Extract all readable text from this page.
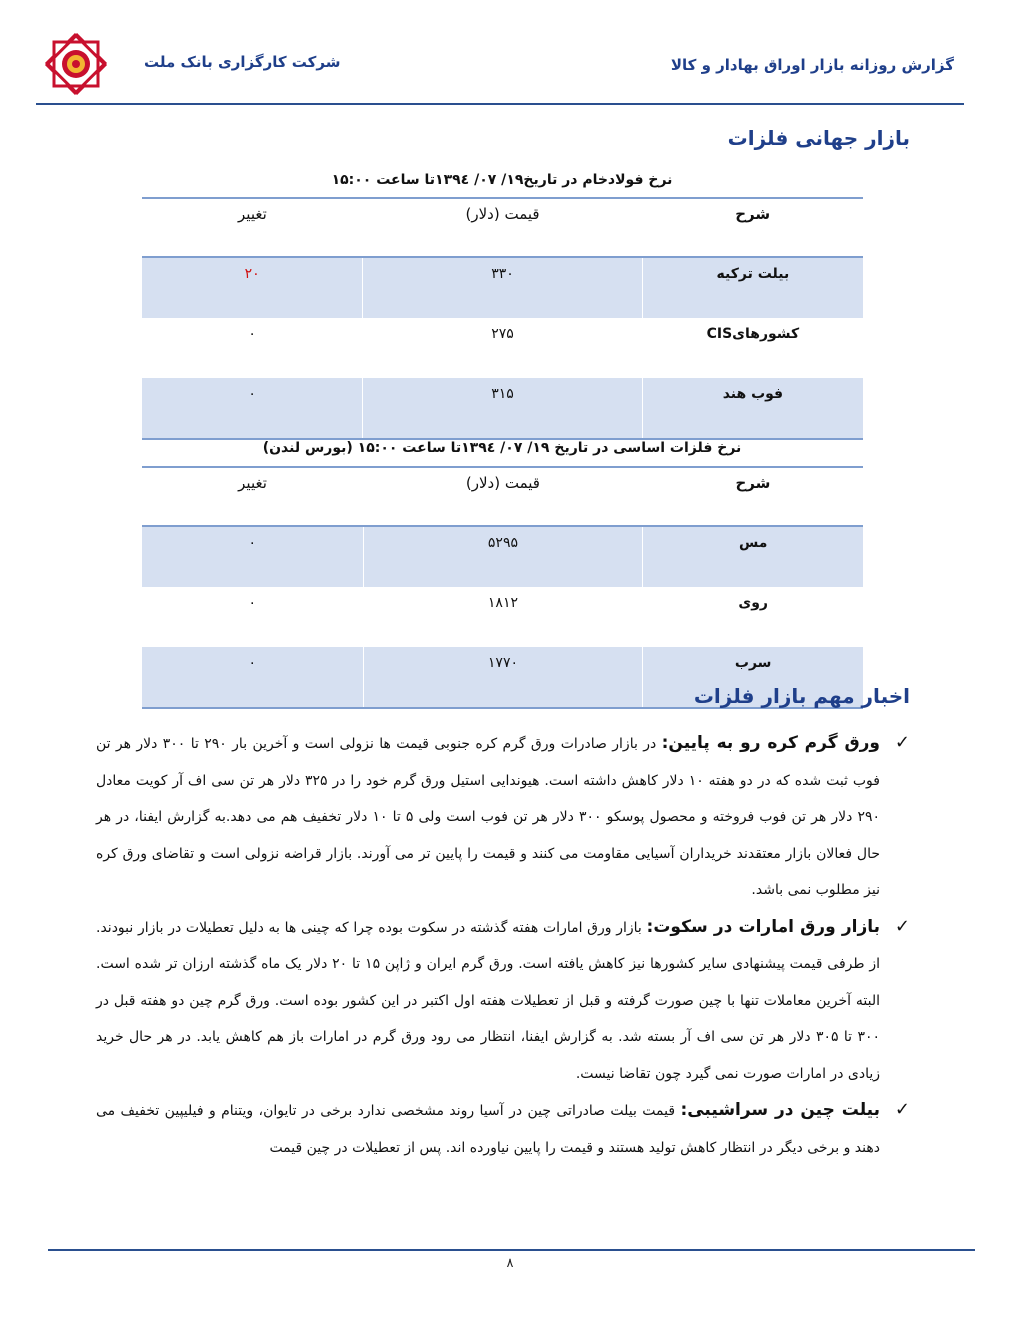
شرکت کارگزاری بانک ملت	گزارش روزانه بازار اوراق بهادار و کالا
بازار جهانی فلزات
نرخ فولادخام در تاریخ۱۹/ ۰۷/ ۱۳۹٤تا ساعت ۱۵:۰۰
شرح	قیمت (دلار)	تغییر
بیلت ترکیه	۳۳۰	۲۰
کشورهایCIS	۲۷۵	۰
فوب هند	۳۱۵	۰
نرخ فلزات اساسی در تاریخ ۱۹/ ۰۷/ ۱۳۹٤تا ساعت ۱۵:۰۰ (بورس لندن)
شرح	قیمت (دلار)	تغییر
مس	۵۲۹۵	۰
روی	۱۸۱۲	۰
سرب	۱۷۷۰	۰
اخبار مهم بازار فلزات
✓
ورق گرم کره رو به پایین: در بازار صادرات ورق گرم کره جنوبی قیمت ها نزولی است و آخرین بار ۲۹۰ تا ۳۰۰ دلار هر تن فوب ثبت شده که در دو هفته ۱۰ دلار کاهش داشته است. هیوندایی استیل ورق گرم خود را در ۳۲۵ دلار هر تن سی اف آر کویت معادل ۲۹۰ دلار هر تن فوب فروخته و محصول پوسکو ۳۰۰ دلار هر تن فوب است ولی ۵ تا ۱۰ دلار تخفیف هم می دهد.به گزارش ایفنا، در هر حال فعالان بازار معتقدند خریداران آسیایی مقاومت می کنند و قیمت را پایین تر می آورند. بازار قراضه نزولی است و تقاضای ورق کره نیز مطلوب نمی باشد.
✓
بازار ورق امارات در سکوت: بازار ورق امارات هفته گذشته در سکوت بوده چرا که چینی ها به دلیل تعطیلات در بازار نبودند. از طرفی قیمت پیشنهادی سایر کشورها نیز کاهش یافته است. ورق گرم ایران و ژاپن ۱۵ تا ۲۰ دلار یک ماه گذشته ارزان تر شده است. البته آخرین معاملات تنها با چین صورت گرفته و قبل از تعطیلات هفته اول اکتبر در این کشور بوده است. ورق گرم چین دو هفته قبل در ۳۰۰ تا ۳۰۵ دلار هر تن سی اف آر بسته شد. به گزارش ایفنا، انتظار می رود ورق گرم در امارات باز هم کاهش یابد. در هر حال خرید زیادی در امارات صورت نمی گیرد چون تقاضا نیست.
✓
بیلت چین در سراشیبی: قیمت بیلت صادراتی چین در آسیا روند مشخصی ندارد برخی در تایوان، ویتنام و فیلیپین تخفیف می دهند و برخی دیگر در انتظار کاهش تولید هستند و قیمت را پایین نیاورده اند. پس از تعطیلات در چین قیمت
۸
